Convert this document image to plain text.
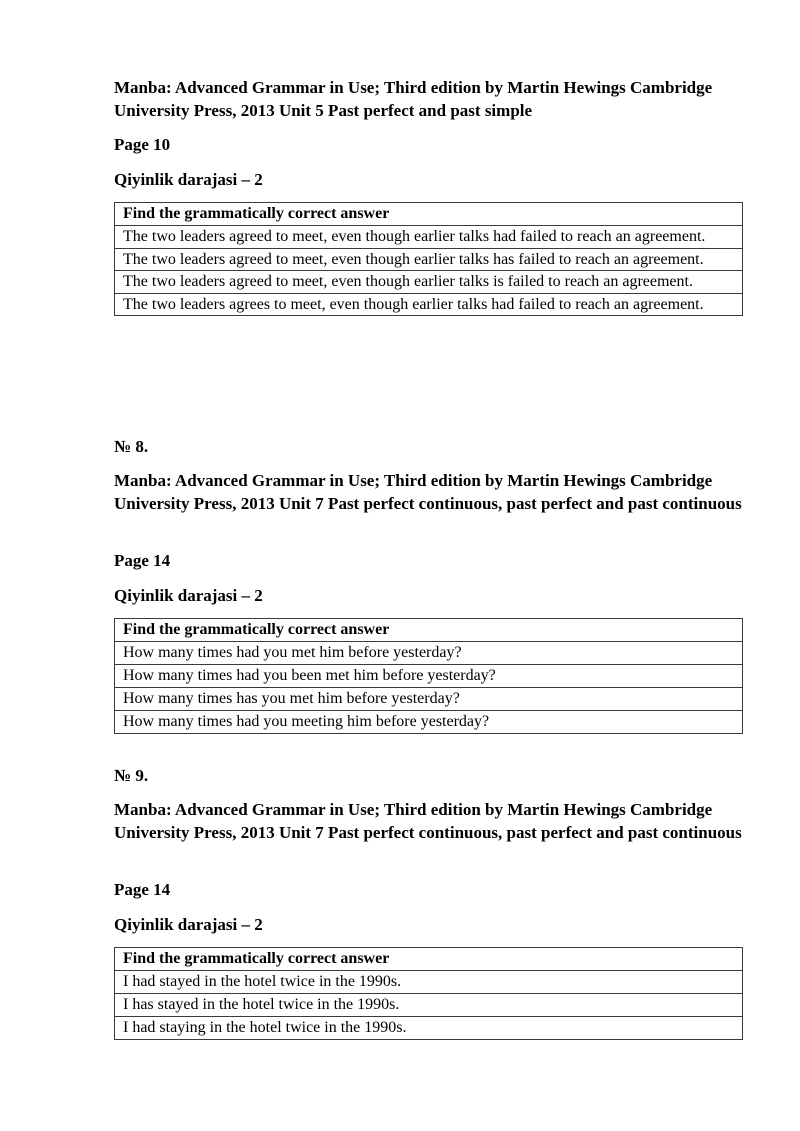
Manba: Advanced Grammar in Use; Third edition by Martin Hewings Cambridge University Press, 2013 Unit 5 Past perfect and past simple

Page 10

Qiyinlik darajasi – 2

Find the grammatically correct answer
The two leaders agreed to meet, even though earlier talks had failed to reach an agreement.
The two leaders agreed to meet, even though earlier talks has failed to reach an agreement.
The two leaders agreed to meet, even though earlier talks is failed to reach an agreement.
The two leaders agrees to meet, even though earlier talks had failed to reach an agreement.

№ 8.

Manba: Advanced Grammar in Use; Third edition by Martin Hewings Cambridge University Press, 2013 Unit 7 Past perfect continuous, past perfect and past continuous

Page 14

Qiyinlik darajasi – 2

Find the grammatically correct answer
How many times had you met him before yesterday?
How many times had you been met him before yesterday?
How many times has you met him before yesterday?
How many times had you meeting him before yesterday?

№ 9.

Manba: Advanced Grammar in Use; Third edition by Martin Hewings Cambridge University Press, 2013 Unit 7 Past perfect continuous, past perfect and past continuous

Page 14

Qiyinlik darajasi – 2

Find the grammatically correct answer
I had stayed in the hotel twice in the 1990s.
I has stayed in the hotel twice in the 1990s.
I had staying in the hotel twice in the 1990s.
